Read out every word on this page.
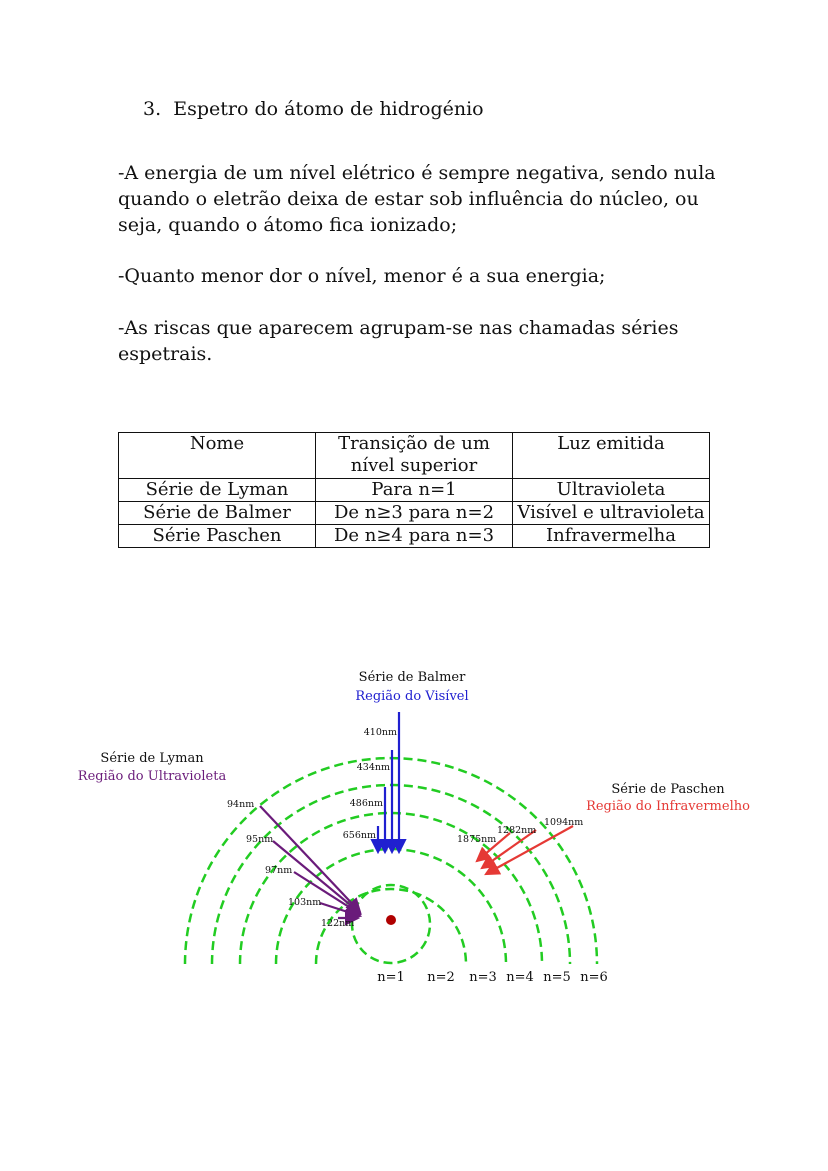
3. Espetro do átomo de hidrogénio

-A energia de um nível elétrico é sempre negativa, sendo nula quando o eletrão deixa de estar sob influência do núcleo, ou seja, quando o átomo fica ionizado;

-Quanto menor dor o nível, menor é a sua energia;

-As riscas que aparecem agrupam-se nas chamadas séries espetrais.

Nome	Transição de um nível superior	Luz emitida
Série de Lyman	Para n=1	Ultravioleta
Série de Balmer	De n≥3 para n=2	Visível e ultravioleta
Série Paschen	De n≥4 para n=3	Infravermelha
Série de Balmer
Região do Visível
410nm
434nm
486nm
656nm
Série de Lyman
Região do Ultravioleta
94nm
95nm
97nm
103nm
122nm
Série de Paschen
Região do Infravermelho
1875nm
1282nm
1094nm
n=1 n=2 n=3 n=4 n=5 n=6
